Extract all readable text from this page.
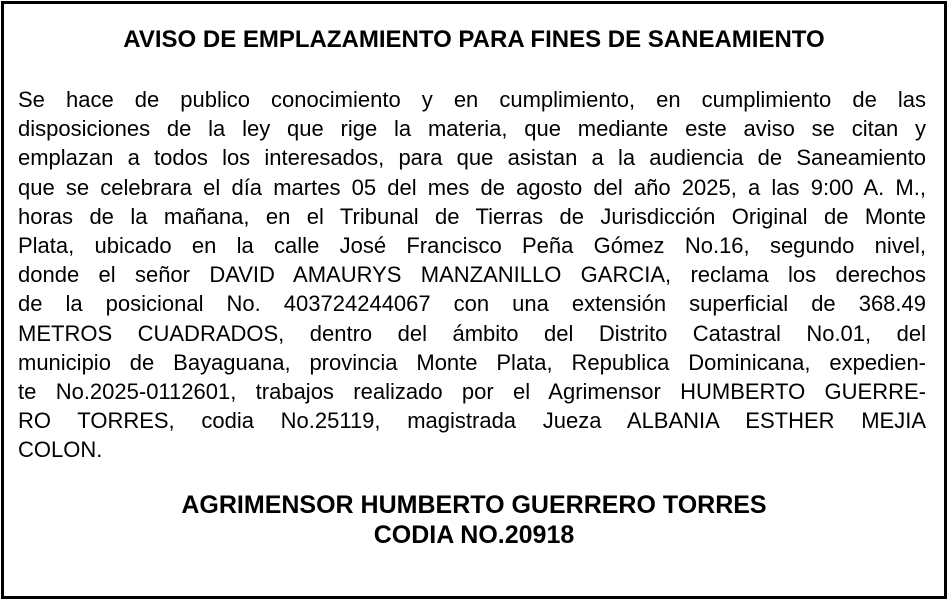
AVISO DE EMPLAZAMIENTO PARA FINES DE SANEAMIENTO
Se hace de publico conocimiento y en cumplimiento, en cumplimiento de las
disposiciones de la ley que rige la materia, que mediante este aviso se citan y
emplazan a todos los interesados, para que asistan a la audiencia de Saneamiento
que se celebrara el día martes 05 del mes de agosto del año 2025, a las 9:00 A. M.,
horas de la mañana, en el Tribunal de Tierras de Jurisdicción Original de Monte
Plata, ubicado en la calle José Francisco Peña Gómez No.16, segundo nivel,
donde el señor DAVID AMAURYS MANZANILLO GARCIA, reclama los derechos
de la posicional No. 403724244067 con una extensión superficial de 368.49
METROS CUADRADOS, dentro del ámbito del Distrito Catastral No.01, del
municipio de Bayaguana, provincia Monte Plata, Republica Dominicana, expedien-
te No.2025-0112601, trabajos realizado por el Agrimensor HUMBERTO GUERRE-
RO TORRES, codia No.25119, magistrada Jueza ALBANIA ESTHER MEJIA
COLON.
AGRIMENSOR HUMBERTO GUERRERO TORRES
CODIA NO.20918
